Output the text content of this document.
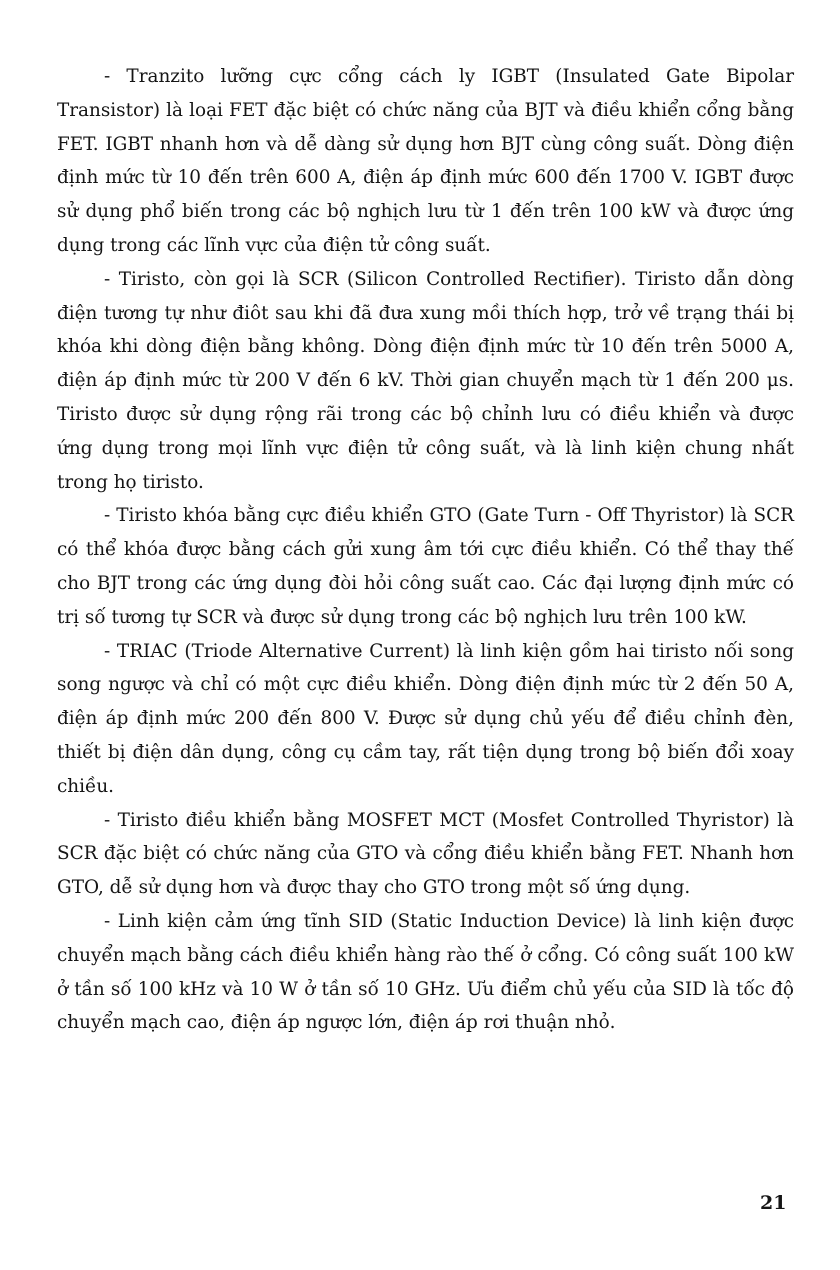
- Tranzito lưỡng cực cổng cách ly IGBT (Insulated Gate Bipolar Transistor) là loại FET đặc biệt có chức năng của BJT và điều khiển cổng bằng FET. IGBT nhanh hơn và dễ dàng sử dụng hơn BJT cùng công suất. Dòng điện định mức từ 10 đến trên 600 A, điện áp định mức 600 đến 1700 V. IGBT được sử dụng phổ biến trong các bộ nghịch lưu từ 1 đến trên 100 kW và được ứng dụng trong các lĩnh vực của điện tử công suất.

- Tiristo, còn gọi là SCR (Silicon Controlled Rectifier). Tiristo dẫn dòng điện tương tự như điôt sau khi đã đưa xung mồi thích hợp, trở về trạng thái bị khóa khi dòng điện bằng không. Dòng điện định mức từ 10 đến trên 5000 A, điện áp định mức từ 200 V đến 6 kV. Thời gian chuyển mạch từ 1 đến 200 μs. Tiristo được sử dụng rộng rãi trong các bộ chỉnh lưu có điều khiển và được ứng dụng trong mọi lĩnh vực điện tử công suất, và là linh kiện chung nhất trong họ tiristo.

- Tiristo khóa bằng cực điều khiển GTO (Gate Turn - Off Thyristor) là SCR có thể khóa được bằng cách gửi xung âm tới cực điều khiển. Có thể thay thế cho BJT trong các ứng dụng đòi hỏi công suất cao. Các đại lượng định mức có trị số tương tự SCR và được sử dụng trong các bộ nghịch lưu trên 100 kW.

- TRIAC (Triode Alternative Current) là linh kiện gồm hai tiristo nối song song ngược và chỉ có một cực điều khiển. Dòng điện định mức từ 2 đến 50 A, điện áp định mức 200 đến 800 V. Được sử dụng chủ yếu để điều chỉnh đèn, thiết bị điện dân dụng, công cụ cầm tay, rất tiện dụng trong bộ biến đổi xoay chiều.

- Tiristo điều khiển bằng MOSFET MCT (Mosfet Controlled Thyristor) là SCR đặc biệt có chức năng của GTO và cổng điều khiển bằng FET. Nhanh hơn GTO, dễ sử dụng hơn và được thay cho GTO trong một số ứng dụng.

- Linh kiện cảm ứng tĩnh SID (Static Induction Device) là linh kiện được chuyển mạch bằng cách điều khiển hàng rào thế ở cổng. Có công suất 100 kW ở tần số 100 kHz và 10 W ở tần số 10 GHz. Ưu điểm chủ yếu của SID là tốc độ chuyển mạch cao, điện áp ngược lớn, điện áp rơi thuận nhỏ.

21
